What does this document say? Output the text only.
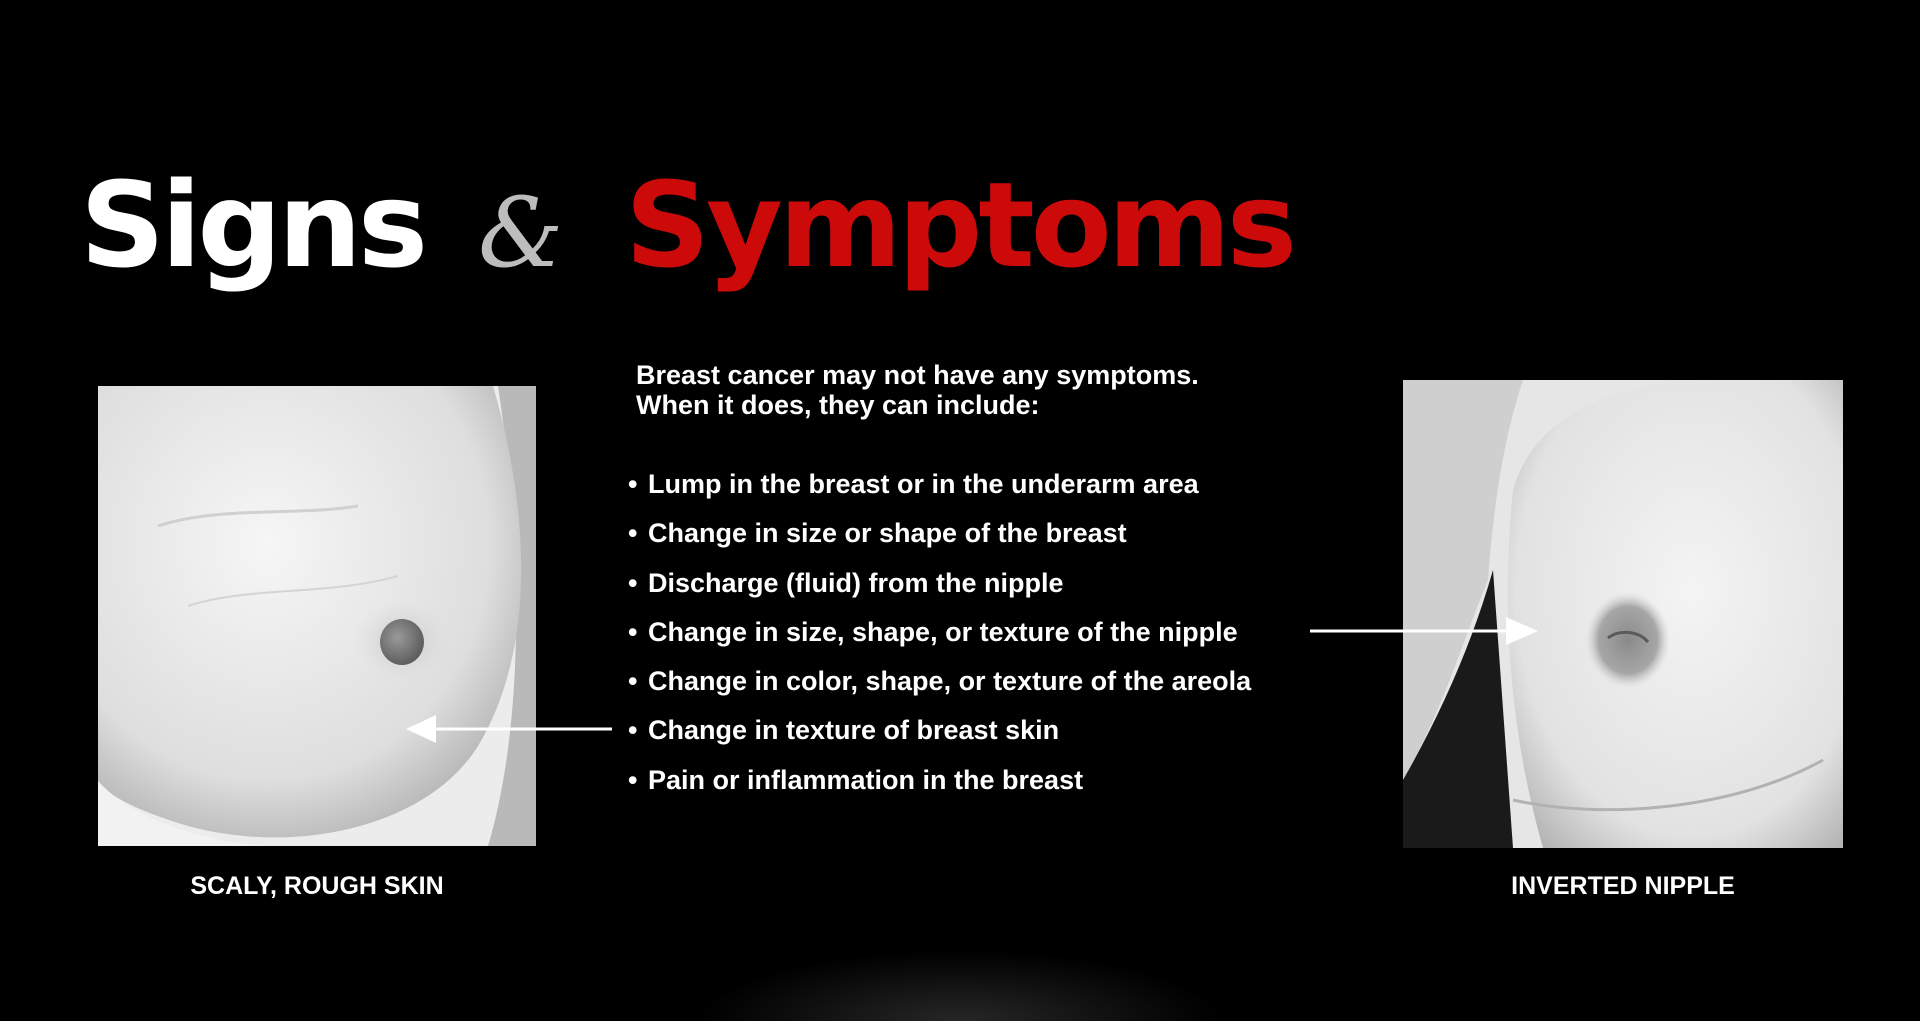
Signs & Symptoms
SCALY, ROUGH SKIN	INVERTED NIPPLE
Breast cancer may not have any symptoms.
When it does, they can include:
• Lump in the breast or in the underarm area
• Change in size or shape of the breast
• Discharge (fluid) from the nipple
• Change in size, shape, or texture of the nipple
• Change in color, shape, or texture of the areola
• Change in texture of breast skin
• Pain or inflammation in the breast
